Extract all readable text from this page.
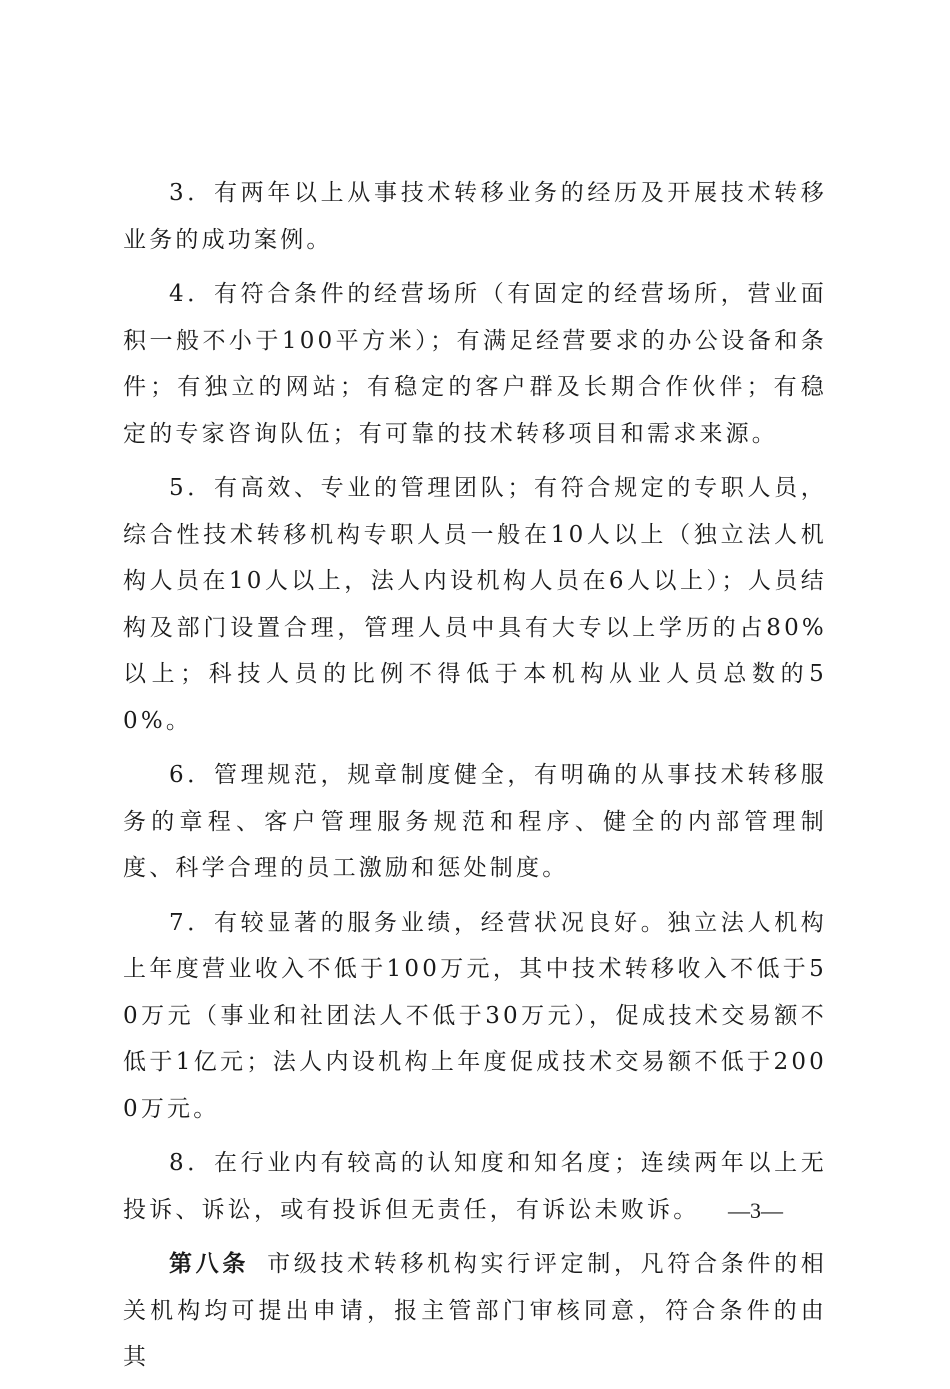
3．有两年以上从事技术转移业务的经历及开展技术转移业务的成功案例。

4．有符合条件的经营场所（有固定的经营场所，营业面积一般不小于100平方米）；有满足经营要求的办公设备和条件；有独立的网站；有稳定的客户群及长期合作伙伴；有稳定的专家咨询队伍；有可靠的技术转移项目和需求来源。

5．有高效、专业的管理团队；有符合规定的专职人员，综合性技术转移机构专职人员一般在10人以上（独立法人机构人员在10人以上，法人内设机构人员在6人以上）；人员结构及部门设置合理，管理人员中具有大专以上学历的占80%以上；科技人员的比例不得低于本机构从业人员总数的50%。

6．管理规范，规章制度健全，有明确的从事技术转移服务的章程、客户管理服务规范和程序、健全的内部管理制度、科学合理的员工激励和惩处制度。

7．有较显著的服务业绩，经营状况良好。独立法人机构上年度营业收入不低于100万元，其中技术转移收入不低于50万元（事业和社团法人不低于30万元），促成技术交易额不低于1亿元；法人内设机构上年度促成技术交易额不低于2000万元。

8．在行业内有较高的认知度和知名度；连续两年以上无投诉、诉讼，或有投诉但无责任，有诉讼未败诉。

第八条 市级技术转移机构实行评定制，凡符合条件的相关机构均可提出申请，报主管部门审核同意，符合条件的由其

—3—
